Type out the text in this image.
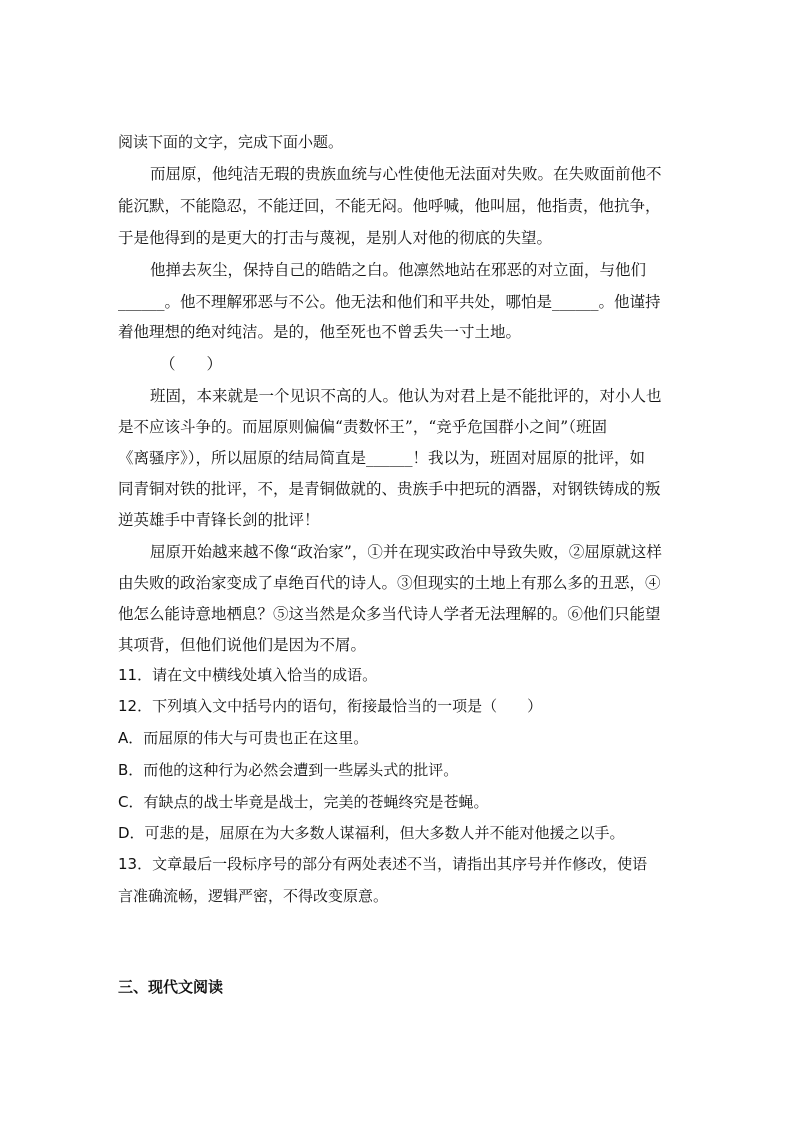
阅读下面的文字，完成下面小题。
而屈原，他纯洁无瑕的贵族血统与心性使他无法面对失败。在失败面前他不
能沉默，不能隐忍，不能迂回，不能无闷。他呼喊，他叫屈，他指责，他抗争，
于是他得到的是更大的打击与蔑视，是别人对他的彻底的失望。
他掸去灰尘，保持自己的皓皓之白。他凛然地站在邪恶的对立面，与他们
______。他不理解邪恶与不公。他无法和他们和平共处，哪怕是______。他谨持
着他理想的绝对纯洁。是的，他至死也不曾丢失一寸土地。
（　　）
班固，本来就是一个见识不高的人。他认为对君上是不能批评的，对小人也
是不应该斗争的。而屈原则偏偏“责数怀王”，“竞乎危国群小之间”（班固
《离骚序》），所以屈原的结局简直是______！我以为，班固对屈原的批评，如
同青铜对铁的批评，不，是青铜做就的、贵族手中把玩的酒器，对钢铁铸成的叛
逆英雄手中青锋长剑的批评！
屈原开始越来越不像“政治家”，①并在现实政治中导致失败，②屈原就这样
由失败的政治家变成了卓绝百代的诗人。③但现实的土地上有那么多的丑恶，④
他怎么能诗意地栖息？⑤这当然是众多当代诗人学者无法理解的。⑥他们只能望
其项背，但他们说他们是因为不屑。
11．请在文中横线处填入恰当的成语。
12．下列填入文中括号内的语句，衔接最恰当的一项是（　　）
A．而屈原的伟大与可贵也正在这里。
B．而他的这种行为必然会遭到一些孱头式的批评。
C．有缺点的战士毕竟是战士，完美的苍蝇终究是苍蝇。
D．可悲的是，屈原在为大多数人谋福利，但大多数人并不能对他援之以手。
13．文章最后一段标序号的部分有两处表述不当，请指出其序号并作修改，使语
言准确流畅，逻辑严密，不得改变原意。
三、现代文阅读
